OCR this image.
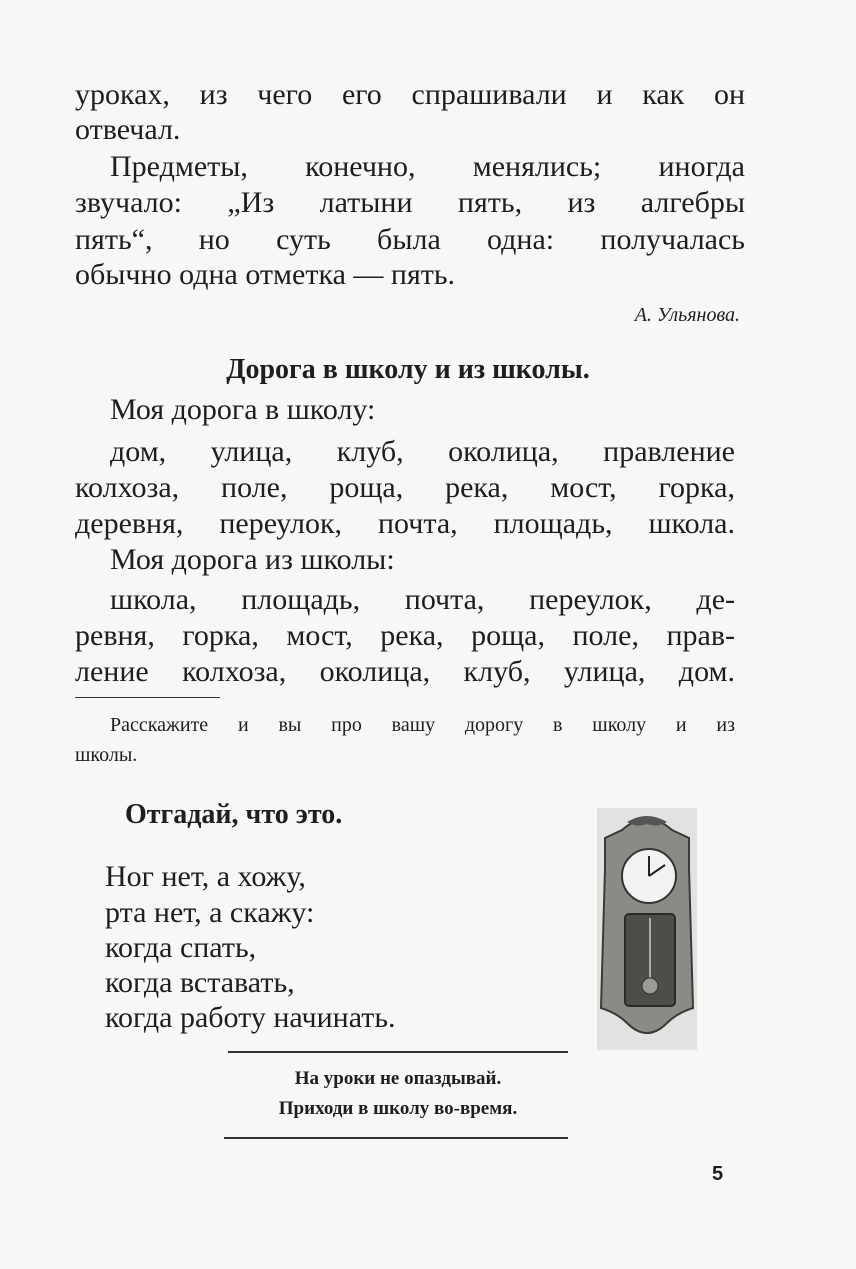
уроках, из чего его спрашивали и как он
отвечал.
Предметы, конечно, менялись; иногда
звучало: „Из латыни пять, из алгебры
пять“, но суть была одна: получалась
обычно одна отметка — пять.
А. Ульянова.
Дорога в школу и из школы.
Моя дорога в школу:
дом, улица, клуб, околица, правление
колхоза, поле, роща, река, мост, горка,
деревня, переулок, почта, площадь, школа.
Моя дорога из школы:
школа, площадь, почта, переулок, де-
ревня, горка, мост, река, роща, поле, прав-
ление колхоза, околица, клуб, улица, дом.
Расскажите и вы про вашу дорогу в школу и из
школы.
Отгадай, что это.
Ног нет, а хожу,
рта нет, а скажу:
когда спать,
когда вставать,
когда работу начинать.
На уроки не опаздывай.
Приходи в школу во-время.
5
